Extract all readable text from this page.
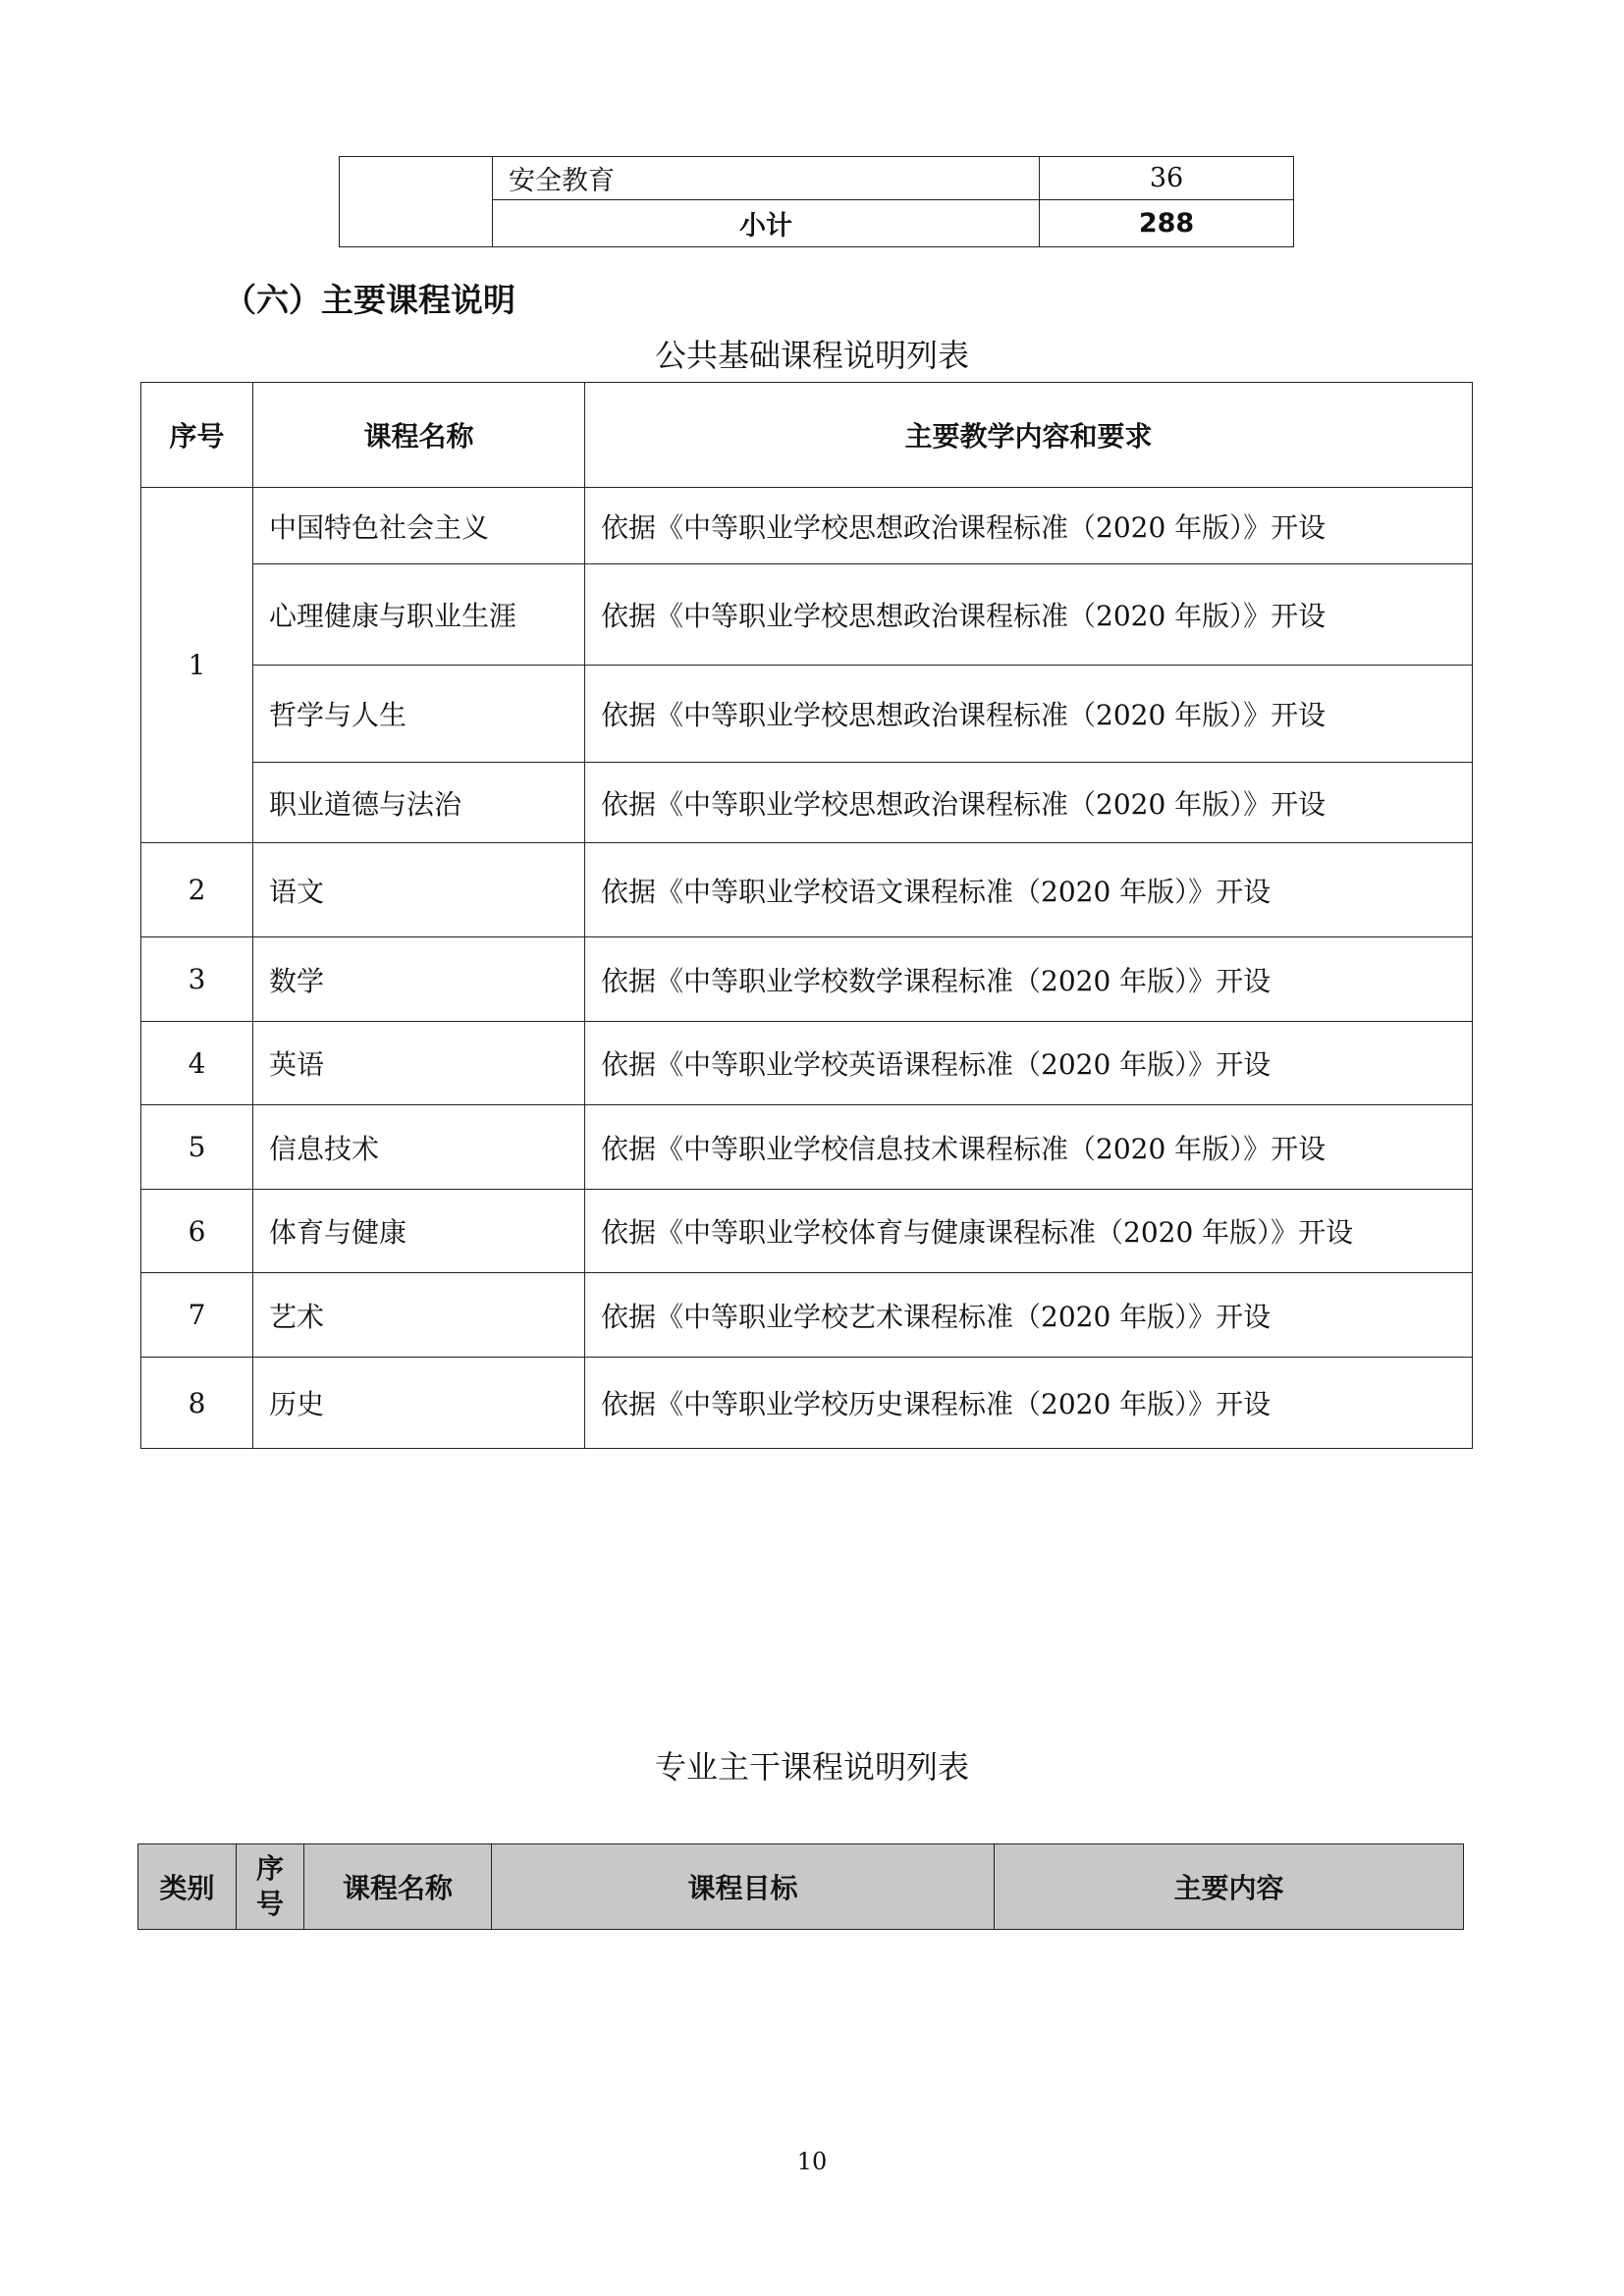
	安全教育	36
	小计	288
（六）主要课程说明
公共基础课程说明列表
序号	课程名称	主要教学内容和要求
1	中国特色社会主义	依据《中等职业学校思想政治课程标准（2020 年版）》开设
	心理健康与职业生涯	依据《中等职业学校思想政治课程标准（2020 年版）》开设
	哲学与人生	依据《中等职业学校思想政治课程标准（2020 年版）》开设
	职业道德与法治	依据《中等职业学校思想政治课程标准（2020 年版）》开设
2	语文	依据《中等职业学校语文课程标准（2020 年版）》开设
3	数学	依据《中等职业学校数学课程标准（2020 年版）》开设
4	英语	依据《中等职业学校英语课程标准（2020 年版）》开设
5	信息技术	依据《中等职业学校信息技术课程标准（2020 年版）》开设
6	体育与健康	依据《中等职业学校体育与健康课程标准（2020 年版）》开设
7	艺术	依据《中等职业学校艺术课程标准（2020 年版）》开设
8	历史	依据《中等职业学校历史课程标准（2020 年版）》开设
专业主干课程说明列表
类别	序号	课程名称	课程目标	主要内容
10
